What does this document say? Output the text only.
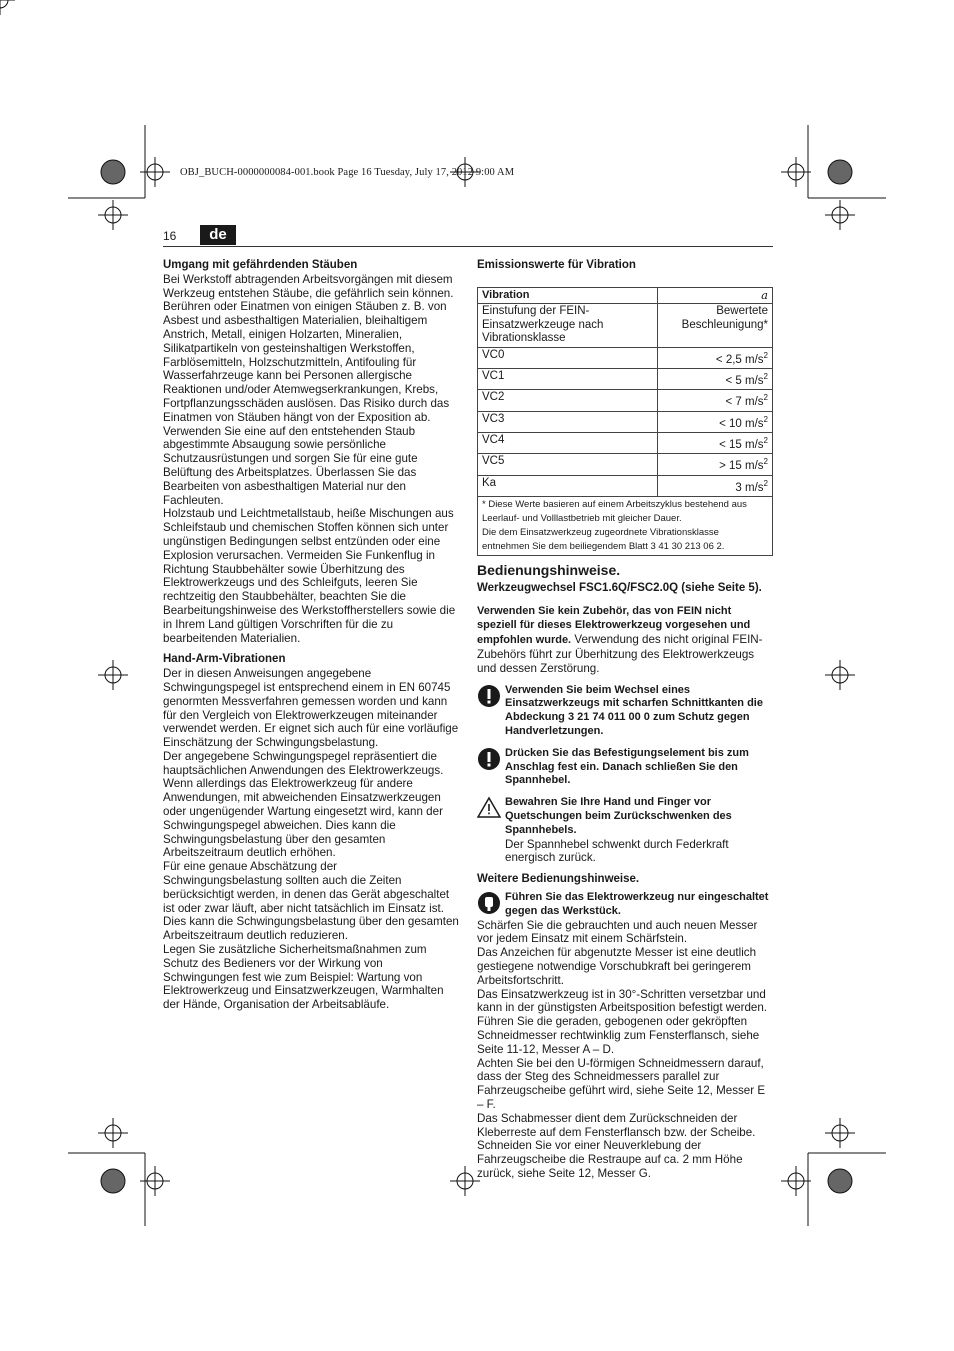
OBJ_BUCH-0000000084-001.book Page 16 Tuesday, July 17, 2012 9:00 AM
16	de

Umgang mit gefährdenden Stäuben

Bei Werkstoff abtragenden Arbeitsvorgängen mit diesem Werkzeug entstehen Stäube, die gefährlich sein können. Berühren oder Einatmen von einigen Stäuben z. B. von Asbest und asbesthaltigen Materialien, bleihaltigem Anstrich, Metall, einigen Holzarten, Mineralien, Silikatpartikeln von gesteinshaltigen Werkstoffen, Farblösemitteln, Holzschutzmitteln, Antifouling für Wasserfahrzeuge kann bei Personen allergische Reaktionen und/oder Atemwegserkrankungen, Krebs, Fortpflanzungsschäden auslösen. Das Risiko durch das Einatmen von Stäuben hängt von der Exposition ab. Verwenden Sie eine auf den entstehenden Staub abgestimmte Absaugung sowie persönliche Schutzausrüstungen und sorgen Sie für eine gute Belüftung des Arbeitsplatzes. Überlassen Sie das Bearbeiten von asbesthaltigen Material nur den Fachleuten.

Holzstaub und Leichtmetallstaub, heiße Mischungen aus Schleifstaub und chemischen Stoffen können sich unter ungünstigen Bedingungen selbst entzünden oder eine Explosion verursachen. Vermeiden Sie Funkenflug in Richtung Staubbehälter sowie Überhitzung des Elektrowerkzeugs und des Schleifguts, leeren Sie rechtzeitig den Staubbehälter, beachten Sie die Bearbeitungshinweise des Werkstoffherstellers sowie die in Ihrem Land gültigen Vorschriften für die zu bearbeitenden Materialien.

Hand-Arm-Vibrationen

Der in diesen Anweisungen angegebene Schwingungspegel ist entsprechend einem in EN 60745 genormten Messverfahren gemessen worden und kann für den Vergleich von Elektrowerkzeugen miteinander verwendet werden. Er eignet sich auch für eine vorläufige Einschätzung der Schwingungsbelastung.

Der angegebene Schwingungspegel repräsentiert die hauptsächlichen Anwendungen des Elektrowerkzeugs. Wenn allerdings das Elektrowerkzeug für andere Anwendungen, mit abweichenden Einsatzwerkzeugen oder ungenügender Wartung eingesetzt wird, kann der Schwingungspegel abweichen. Dies kann die Schwingungsbelastung über den gesamten Arbeitszeitraum deutlich erhöhen.

Für eine genaue Abschätzung der Schwingungsbelastung sollten auch die Zeiten berücksichtigt werden, in denen das Gerät abgeschaltet ist oder zwar läuft, aber nicht tatsächlich im Einsatz ist. Dies kann die Schwingungsbelastung über den gesamten Arbeitszeitraum deutlich reduzieren.

Legen Sie zusätzliche Sicherheitsmaßnahmen zum Schutz des Bedieners vor der Wirkung von Schwingungen fest wie zum Beispiel: Wartung von Elektrowerkzeug und Einsatzwerkzeugen, Warmhalten der Hände, Organisation der Arbeitsabläufe.

Emissionswerte für Vibration

Vibration	a
Einstufung der FEIN-Einsatzwerkzeuge nach Vibrationsklasse	Bewertete Beschleunigung*
VC0	< 2,5 $m/s^2$
VC1	< 5 $m/s^2$
VC2	< 7 $m/s^2$
VC3	< 10 $m/s^2$
VC4	< 15 $m/s^2$
VC5	> 15 $m/s^2$
Ka	3 $m/s^2$

* Diese Werte basieren auf einem Arbeitszyklus bestehend aus Leerlauf- und Volllastbetrieb mit gleicher Dauer.
Die dem Einsatzwerkzeug zugeordnete Vibrationsklasse entnehmen Sie dem beiliegendem Blatt 3 41 30 213 06 2.	

Bedienungshinweise.

Werkzeugwechsel FSC1.6Q/FSC2.0Q (siehe Seite 5).

Verwenden Sie kein Zubehör, das von FEIN nicht speziell für dieses Elektrowerkzeug vorgesehen und empfohlen wurde. Verwendung des nicht original FEIN-Zubehörs führt zur Überhitzung des Elektrowerkzeugs und dessen Zerstörung.

Verwenden Sie beim Wechsel eines Einsatzwerkzeugs mit scharfen Schnittkanten die Abdeckung 3 21 74 011 00 0 zum Schutz gegen Handverletzungen.
Drücken Sie das Befestigungselement bis zum Anschlag fest ein. Danach schließen Sie den Spannhebel.
Bewahren Sie Ihre Hand und Finger vor Quetschungen beim Zurückschwenken des Spannhebels.
Der Spannhebel schwenkt durch Federkraft energisch zurück.

Weitere Bedienungshinweise.

Führen Sie das Elektrowerkzeug nur eingeschaltet gegen das Werkstück.

Schärfen Sie die gebrauchten und auch neuen Messer vor jedem Einsatz mit einem Schärfstein.

Das Anzeichen für abgenutzte Messer ist eine deutlich gestiegene notwendige Vorschubkraft bei geringerem Arbeitsfortschritt.

Das Einsatzwerkzeug ist in 30°-Schritten versetzbar und kann in der günstigsten Arbeitsposition befestigt werden.

Führen Sie die geraden, gebogenen oder gekröpften Schneidmesser rechtwinklig zum Fensterflansch, siehe Seite 11-12, Messer A – D.

Achten Sie bei den U-förmigen Schneidmessern darauf, dass der Steg des Schneidmessers parallel zur Fahrzeugscheibe geführt wird, siehe Seite 12, Messer E – F.

Das Schabmesser dient dem Zurückschneiden der Kleberreste auf dem Fensterflansch bzw. der Scheibe. Schneiden Sie vor einer Neuverklebung der Fahrzeugscheibe die Restraupe auf ca. 2 mm Höhe zurück, siehe Seite 12, Messer G.
